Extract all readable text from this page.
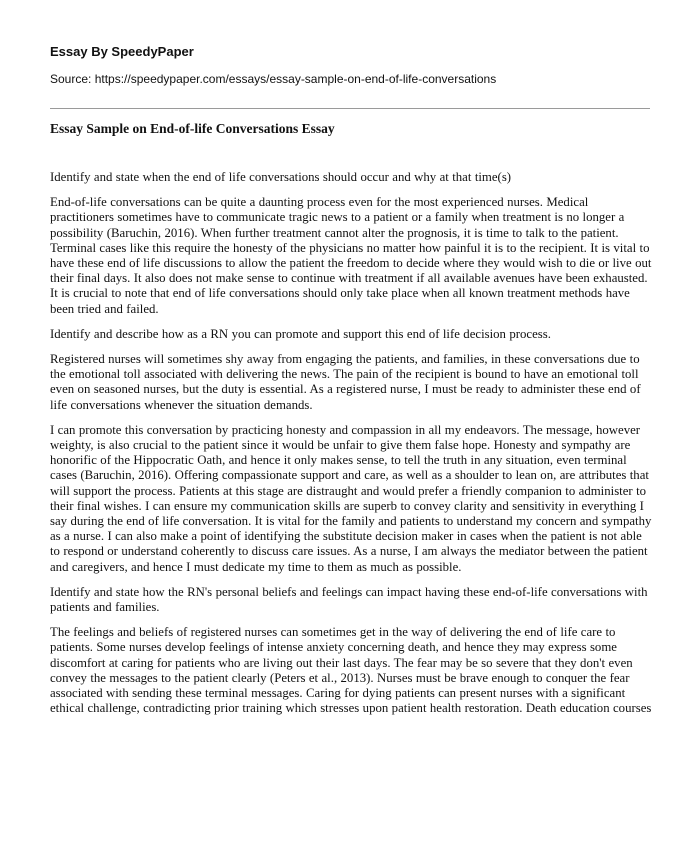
Essay By SpeedyPaper

Source: https://speedypaper.com/essays/essay-sample-on-end-of-life-conversations

Essay Sample on End-of-life Conversations Essay

Identify and state when the end of life conversations should occur and why at that time(s)

End-of-life conversations can be quite a daunting process even for the most experienced nurses. Medical practitioners sometimes have to communicate tragic news to a patient or a family when treatment is no longer a possibility (Baruchin, 2016). When further treatment cannot alter the prognosis, it is time to talk to the patient. Terminal cases like this require the honesty of the physicians no matter how painful it is to the recipient. It is vital to have these end of life discussions to allow the patient the freedom to decide where they would wish to die or live out their final days. It also does not make sense to continue with treatment if all available avenues have been exhausted. It is crucial to note that end of life conversations should only take place when all known treatment methods have been tried and failed.

Identify and describe how as a RN you can promote and support this end of life decision process.

Registered nurses will sometimes shy away from engaging the patients, and families, in these conversations due to the emotional toll associated with delivering the news. The pain of the recipient is bound to have an emotional toll even on seasoned nurses, but the duty is essential. As a registered nurse, I must be ready to administer these end of life conversations whenever the situation demands.

I can promote this conversation by practicing honesty and compassion in all my endeavors. The message, however weighty, is also crucial to the patient since it would be unfair to give them false hope. Honesty and sympathy are honorific of the Hippocratic Oath, and hence it only makes sense, to tell the truth in any situation, even terminal cases (Baruchin, 2016). Offering compassionate support and care, as well as a shoulder to lean on, are attributes that will support the process. Patients at this stage are distraught and would prefer a friendly companion to administer to their final wishes. I can ensure my communication skills are superb to convey clarity and sensitivity in everything I say during the end of life conversation. It is vital for the family and patients to understand my concern and sympathy as a nurse. I can also make a point of identifying the substitute decision maker in cases when the patient is not able to respond or understand coherently to discuss care issues. As a nurse, I am always the mediator between the patient and caregivers, and hence I must dedicate my time to them as much as possible.

Identify and state how the RN's personal beliefs and feelings can impact having these end-of-life conversations with patients and families.

The feelings and beliefs of registered nurses can sometimes get in the way of delivering the end of life care to patients. Some nurses develop feelings of intense anxiety concerning death, and hence they may express some discomfort at caring for patients who are living out their last days. The fear may be so severe that they don't even convey the messages to the patient clearly (Peters et al., 2013). Nurses must be brave enough to conquer the fear associated with sending these terminal messages. Caring for dying patients can present nurses with a significant ethical challenge, contradicting prior training which stresses upon patient health restoration. Death education courses
